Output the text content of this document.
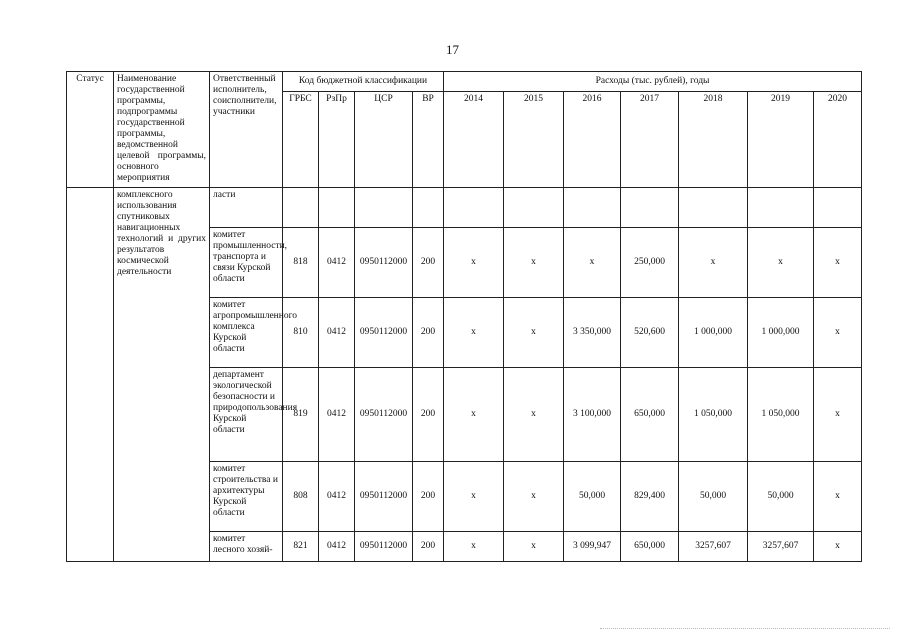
17
Статус	Наименование государственной программы, подпрограммы государственной программы, ведомственной целевой программы, основного мероприятия	Ответственный исполнитель, соисполнители, участники	Код бюджетной классификации				Расходы (тыс. рублей), годы						
			ГРБС	РзПр	ЦСР	ВР	2014	2015	2016	2017	2018	2019	2020
	комплексного использования спутниковых навигационных технологий и других результатов космической деятельности	ласти											
		комитет промышленности, транспорта и связи Курской области	818	0412	0950112000	200	х	х	х	250,000	х	х	х
		комитет агропромышленного комплекса Курской области	810	0412	0950112000	200	х	х	3 350,000	520,600	1 000,000	1 000,000	х
		департамент экологической безопасности и природопользования Курской области	819	0412	0950112000	200	х	х	3 100,000	650,000	1 050,000	1 050,000	х
		комитет строительства и архитектуры Курской области	808	0412	0950112000	200	х	х	50,000	829,400	50,000	50,000	х
		комитет лесного хозяй-	821	0412	0950112000	200	х	х	3 099,947	650,000	3257,607	3257,607	х
